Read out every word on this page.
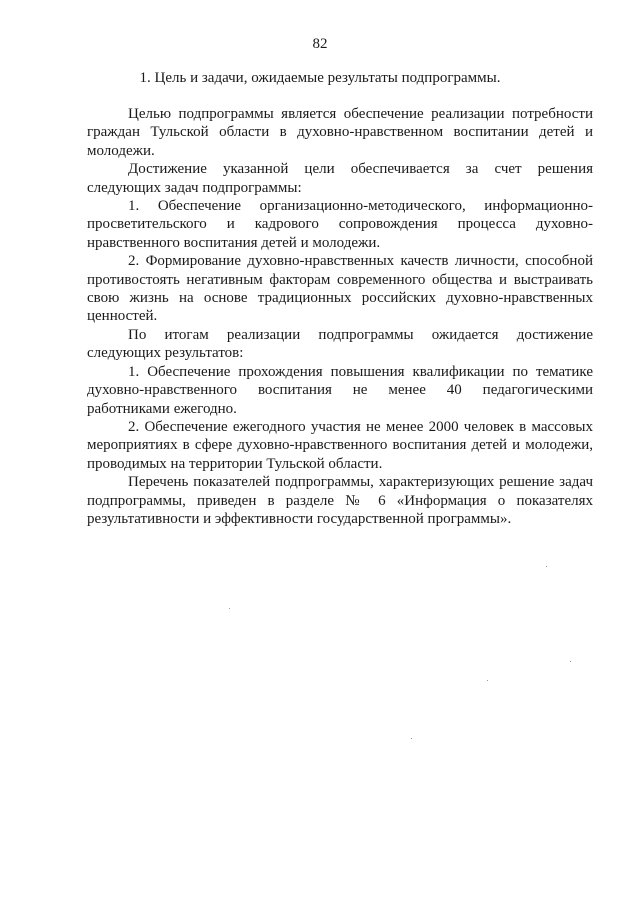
82
1. Цель и задачи, ожидаемые результаты подпрограммы.

Целью подпрограммы является обеспечение реализации потребности граждан Тульской области в духовно-нравственном воспитании детей и молодежи.

Достижение указанной цели обеспечивается за счет решения следующих задач подпрограммы:

1. Обеспечение организационно-методического, информационно-просветительского и кадрового сопровождения процесса духовно-нравственного воспитания детей и молодежи.

2. Формирование духовно-нравственных качеств личности, способной противостоять негативным факторам современного общества и выстраивать свою жизнь на основе традиционных российских духовно-нравственных ценностей.

По итогам реализации подпрограммы ожидается достижение следующих результатов:

1. Обеспечение прохождения повышения квалификации по тематике духовно-нравственного воспитания не менее 40 педагогическими работниками ежегодно.

2. Обеспечение ежегодного участия не менее 2000 человек в массовых мероприятиях в сфере духовно-нравственного воспитания детей и молодежи, проводимых на территории Тульской области.

Перечень показателей подпрограммы, характеризующих решение задач подпрограммы, приведен в разделе № 6 «Информация о показателях результативности и эффективности государственной программы».
